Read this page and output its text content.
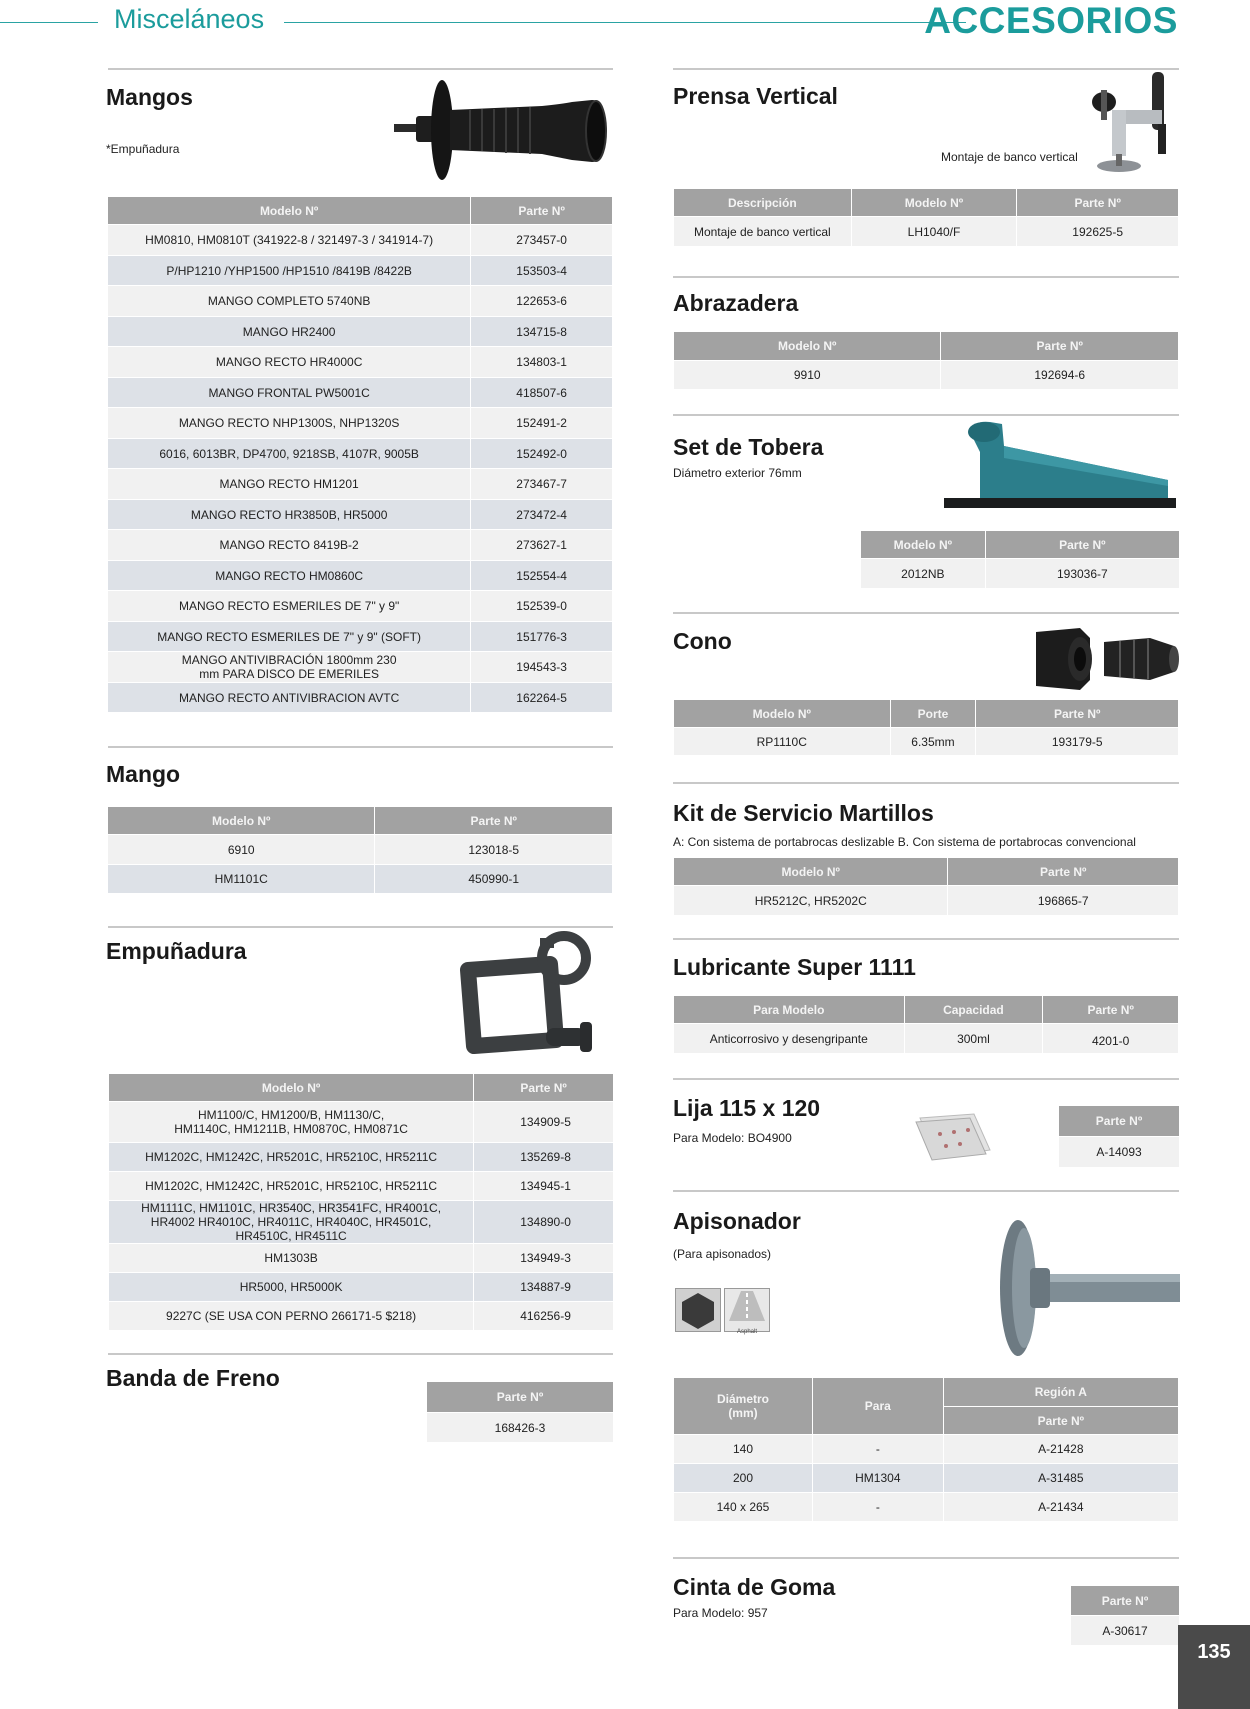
Misceláneos	ACCESORIOS
Mangos
*Empuñadura
Modelo Nº	Parte Nº
HM0810, HM0810T (341922-8 / 321497-3 / 341914-7)	273457-0
P/HP1210 /YHP1500 /HP1510 /8419B /8422B	153503-4
MANGO COMPLETO 5740NB	122653-6
MANGO HR2400	134715-8
MANGO RECTO HR4000C	134803-1
MANGO FRONTAL PW5001C	418507-6
MANGO RECTO NHP1300S, NHP1320S	152491-2
6016, 6013BR, DP4700, 9218SB, 4107R, 9005B	152492-0
MANGO RECTO HM1201	273467-7
MANGO RECTO HR3850B, HR5000	273472-4
MANGO RECTO 8419B-2	273627-1
MANGO RECTO HM0860C	152554-4
MANGO RECTO ESMERILES DE 7" y 9"	152539-0
MANGO RECTO ESMERILES DE 7" y 9" (SOFT)	151776-3
MANGO ANTIVIBRACIÓN 1800mm 230 mm PARA DISCO DE EMERILES	194543-3
MANGO RECTO ANTIVIBRACION AVTC	162264-5
Mango
Modelo Nº	Parte Nº
6910	123018-5
HM1101C	450990-1
Empuñadura
Modelo Nº	Parte Nº
HM1100/C, HM1200/B, HM1130/C, HM1140C, HM1211B, HM0870C, HM0871C	134909-5
HM1202C, HM1242C, HR5201C, HR5210C, HR5211C	135269-8
HM1202C, HM1242C, HR5201C, HR5210C, HR5211C	134945-1
HM1111C, HM1101C, HR3540C, HR3541FC, HR4001C, HR4002 HR4010C, HR4011C, HR4040C, HR4501C, HR4510C, HR4511C	134890-0
HM1303B	134949-3
HR5000, HR5000K	134887-9
9227C (SE USA CON PERNO 266171-5 $218)	416256-9
Banda de Freno
Parte Nº
168426-3
Prensa Vertical
Montaje de banco vertical
Descripción	Modelo Nº	Parte Nº
Montaje de banco vertical	LH1040/F	192625-5
Abrazadera
Modelo Nº	Parte Nº
9910	192694-6
Set de Tobera
Diámetro exterior 76mm
Modelo Nº	Parte Nº
2012NB	193036-7
Cono
Modelo Nº	Porte	Parte Nº
RP1110C	6.35mm	193179-5
Kit de Servicio Martillos
A: Con sistema de portabrocas deslizable B. Con sistema de portabrocas convencional
Modelo Nº	Parte Nº
HR5212C, HR5202C	196865-7
Lubricante Super 1111
Para Modelo	Capacidad	Parte Nº
Anticorrosivo y desengripante	300ml	4201-0
Lija 115 x 120
Para Modelo: BO4900
Parte Nº
A-14093
Apisonador
(Para apisonados)
Asphalt
Diámetro (mm)	Para	Región A
		Parte Nº
140	-	A-21428
200	HM1304	A-31485
140 x 265	-	A-21434
Cinta de Goma
Para Modelo: 957
Parte Nº
A-30617
135
